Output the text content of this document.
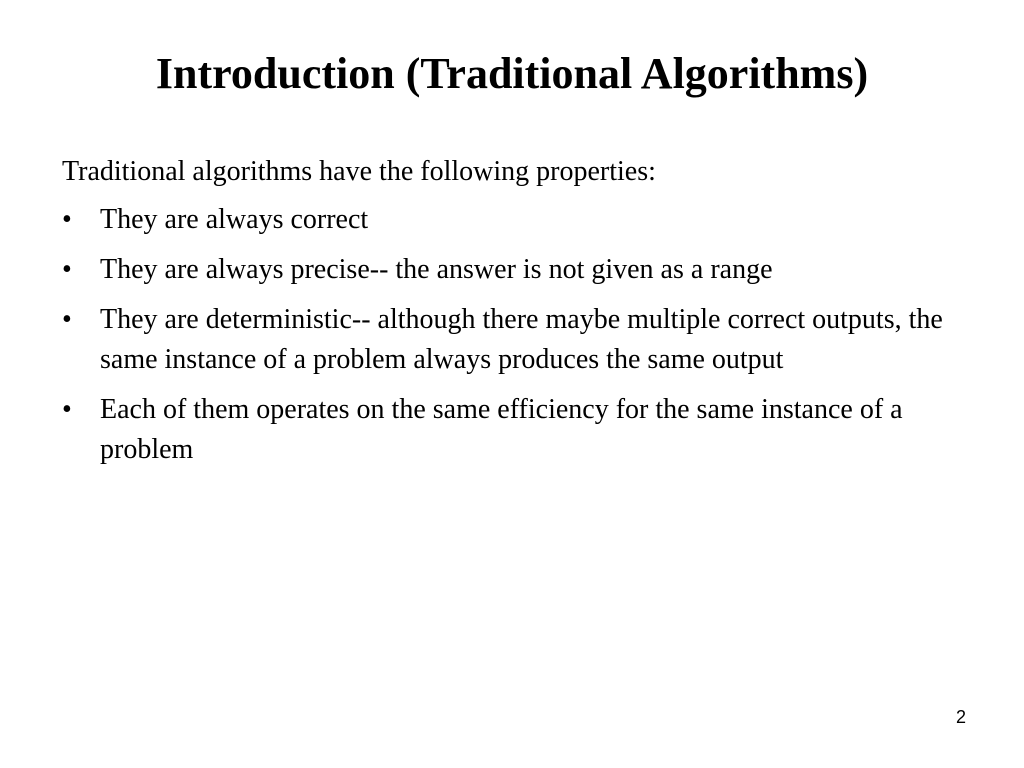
Introduction (Traditional Algorithms)

Traditional algorithms have the following properties:

•	They are always correct
•	They are always precise-- the answer is not given as a range
•	They are deterministic-- although there maybe multiple correct outputs, the same instance of a problem always produces the same output
•	Each of them operates on the same efficiency for the same instance of a problem
2
